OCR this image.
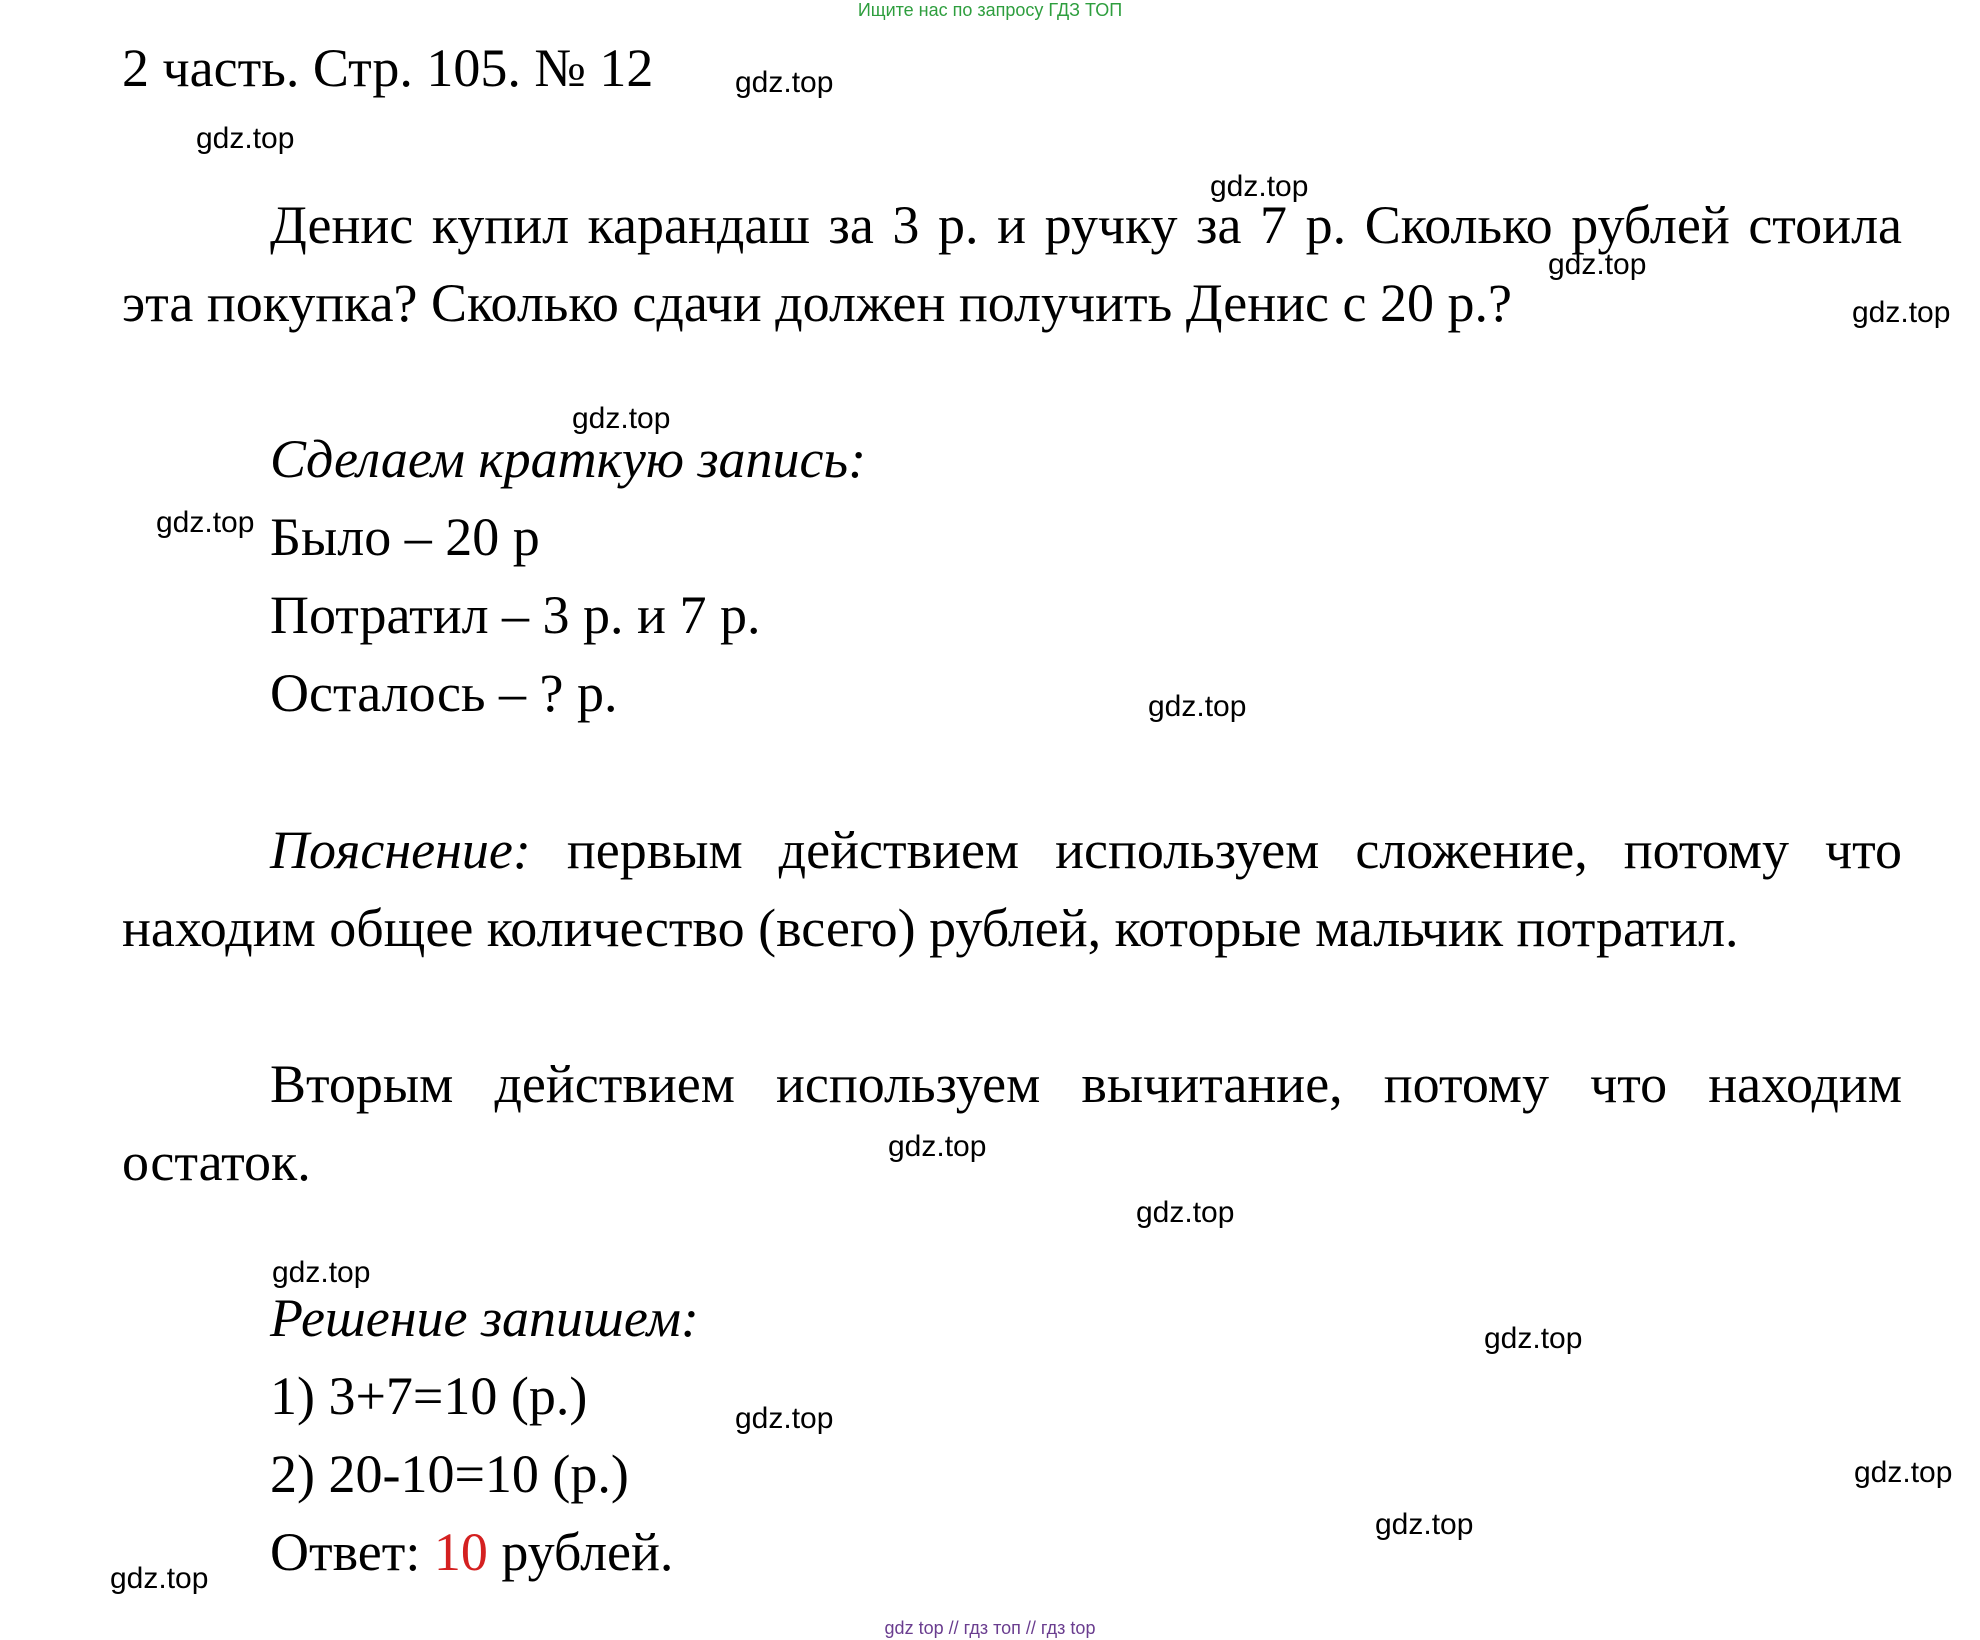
Ищите нас по запросу ГДЗ ТОП
2 часть. Стр. 105. № 12
Денис купил карандаш за 3 р. и ручку за 7 р. Сколько рублей стоила эта покупка? Сколько сдачи должен получить Денис с 20 р.?
Сделаем краткую запись:
Было – 20 р
Потратил – 3 р. и 7 р.
Осталось – ? р.
Пояснение: первым действием используем сложение, потому что находим общее количество (всего) рублей, которые мальчик потратил.
Вторым действием используем вычитание, потому что находим остаток.
Решение запишем:
1) 3+7=10 (р.)
2) 20-10=10 (р.)
Ответ: 10 рублей.
gdz.top
gdz.top
gdz.top
gdz.top
gdz.top
gdz.top
gdz.top
gdz.top
gdz.top
gdz.top
gdz.top
gdz.top
gdz.top
gdz.top
gdz.top
gdz.top
gdz top // гдз топ // гдз top
